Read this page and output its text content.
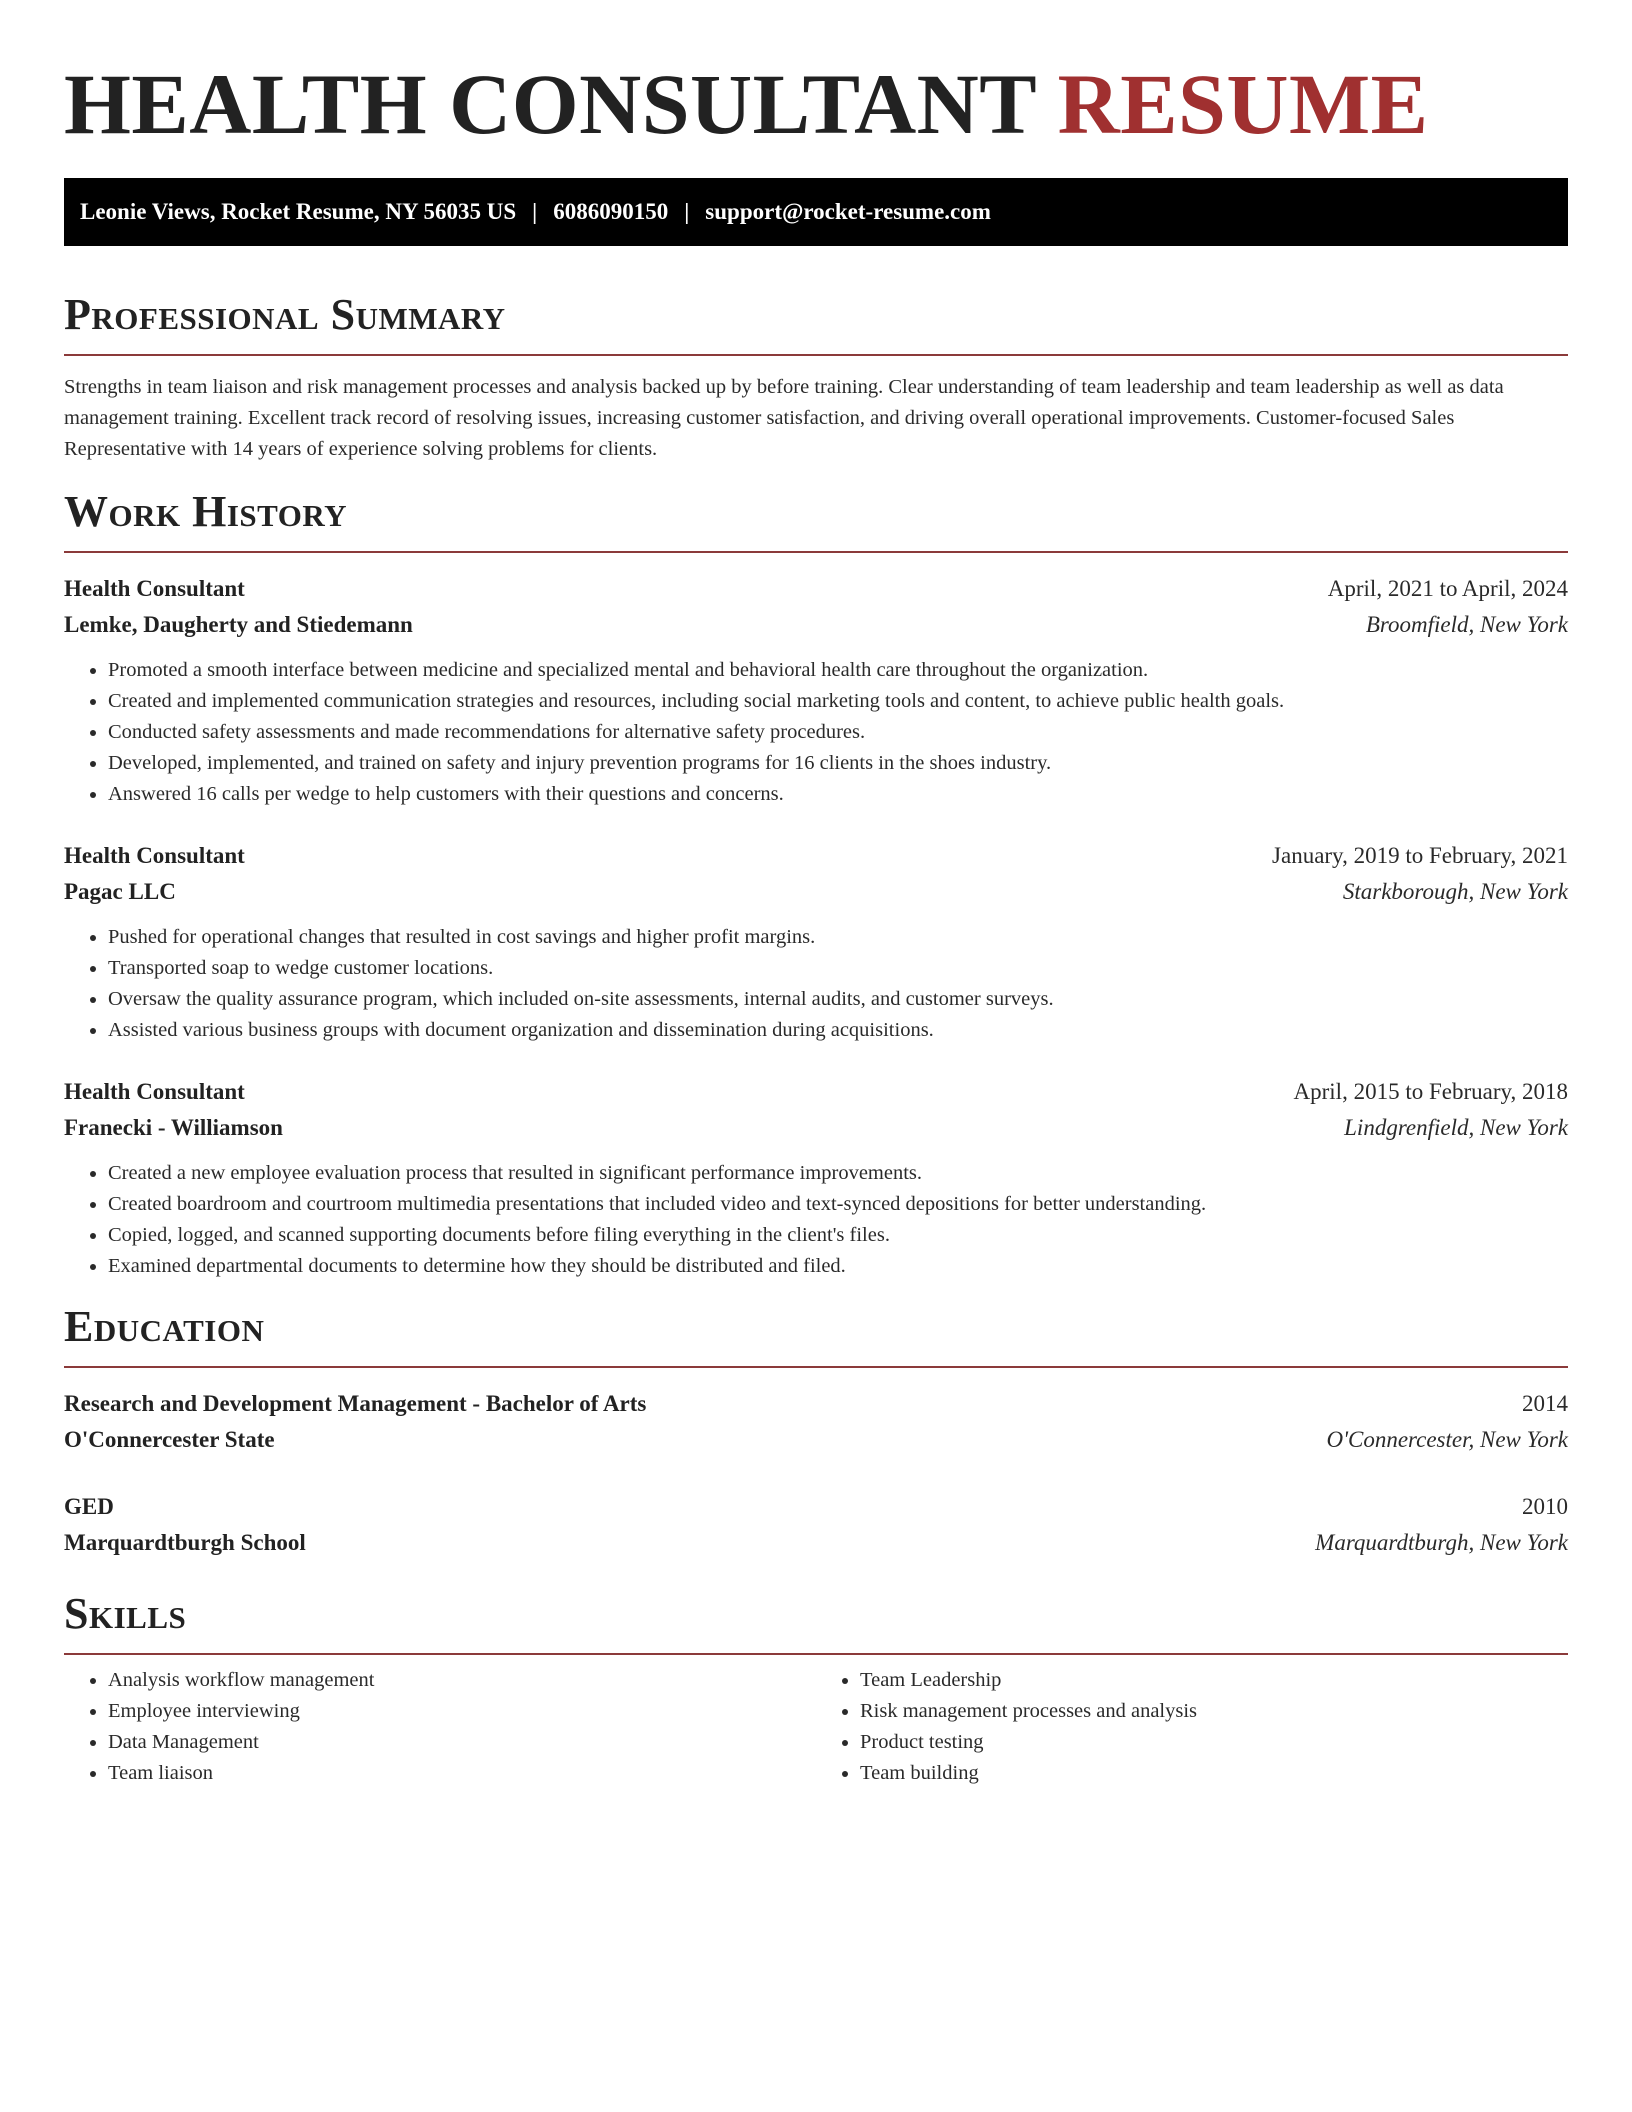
HEALTH CONSULTANT RESUME
Leonie Views, Rocket Resume, NY 56035 US | 6086090150 | support@rocket-resume.com
Professional Summary

Strengths in team liaison and risk management processes and analysis backed up by before training. Clear understanding of team leadership and team leadership as well as data management training. Excellent track record of resolving issues, increasing customer satisfaction, and driving overall operational improvements. Customer-focused Sales Representative with 14 years of experience solving problems for clients.

Work History
Health Consultant	April, 2021 to April, 2024
Lemke, Daugherty and Stiedemann	Broomfield, New York
• Promoted a smooth interface between medicine and specialized mental and behavioral health care throughout the organization.
• Created and implemented communication strategies and resources, including social marketing tools and content, to achieve public health goals.
• Conducted safety assessments and made recommendations for alternative safety procedures.
• Developed, implemented, and trained on safety and injury prevention programs for 16 clients in the shoes industry.
• Answered 16 calls per wedge to help customers with their questions and concerns.
Health Consultant	January, 2019 to February, 2021
Pagac LLC	Starkborough, New York
• Pushed for operational changes that resulted in cost savings and higher profit margins.
• Transported soap to wedge customer locations.
• Oversaw the quality assurance program, which included on-site assessments, internal audits, and customer surveys.
• Assisted various business groups with document organization and dissemination during acquisitions.
Health Consultant	April, 2015 to February, 2018
Franecki - Williamson	Lindgrenfield, New York
• Created a new employee evaluation process that resulted in significant performance improvements.
• Created boardroom and courtroom multimedia presentations that included video and text-synced depositions for better understanding.
• Copied, logged, and scanned supporting documents before filing everything in the client's files.
• Examined departmental documents to determine how they should be distributed and filed.
Education
Research and Development Management - Bachelor of Arts	2014
O'Connercester State	O'Connercester, New York
GED	2010
Marquardtburgh School	Marquardtburgh, New York
Skills
• Analysis workflow management
• Employee interviewing
• Data Management
• Team liaison
• Team Leadership
• Risk management processes and analysis
• Product testing
• Team building
